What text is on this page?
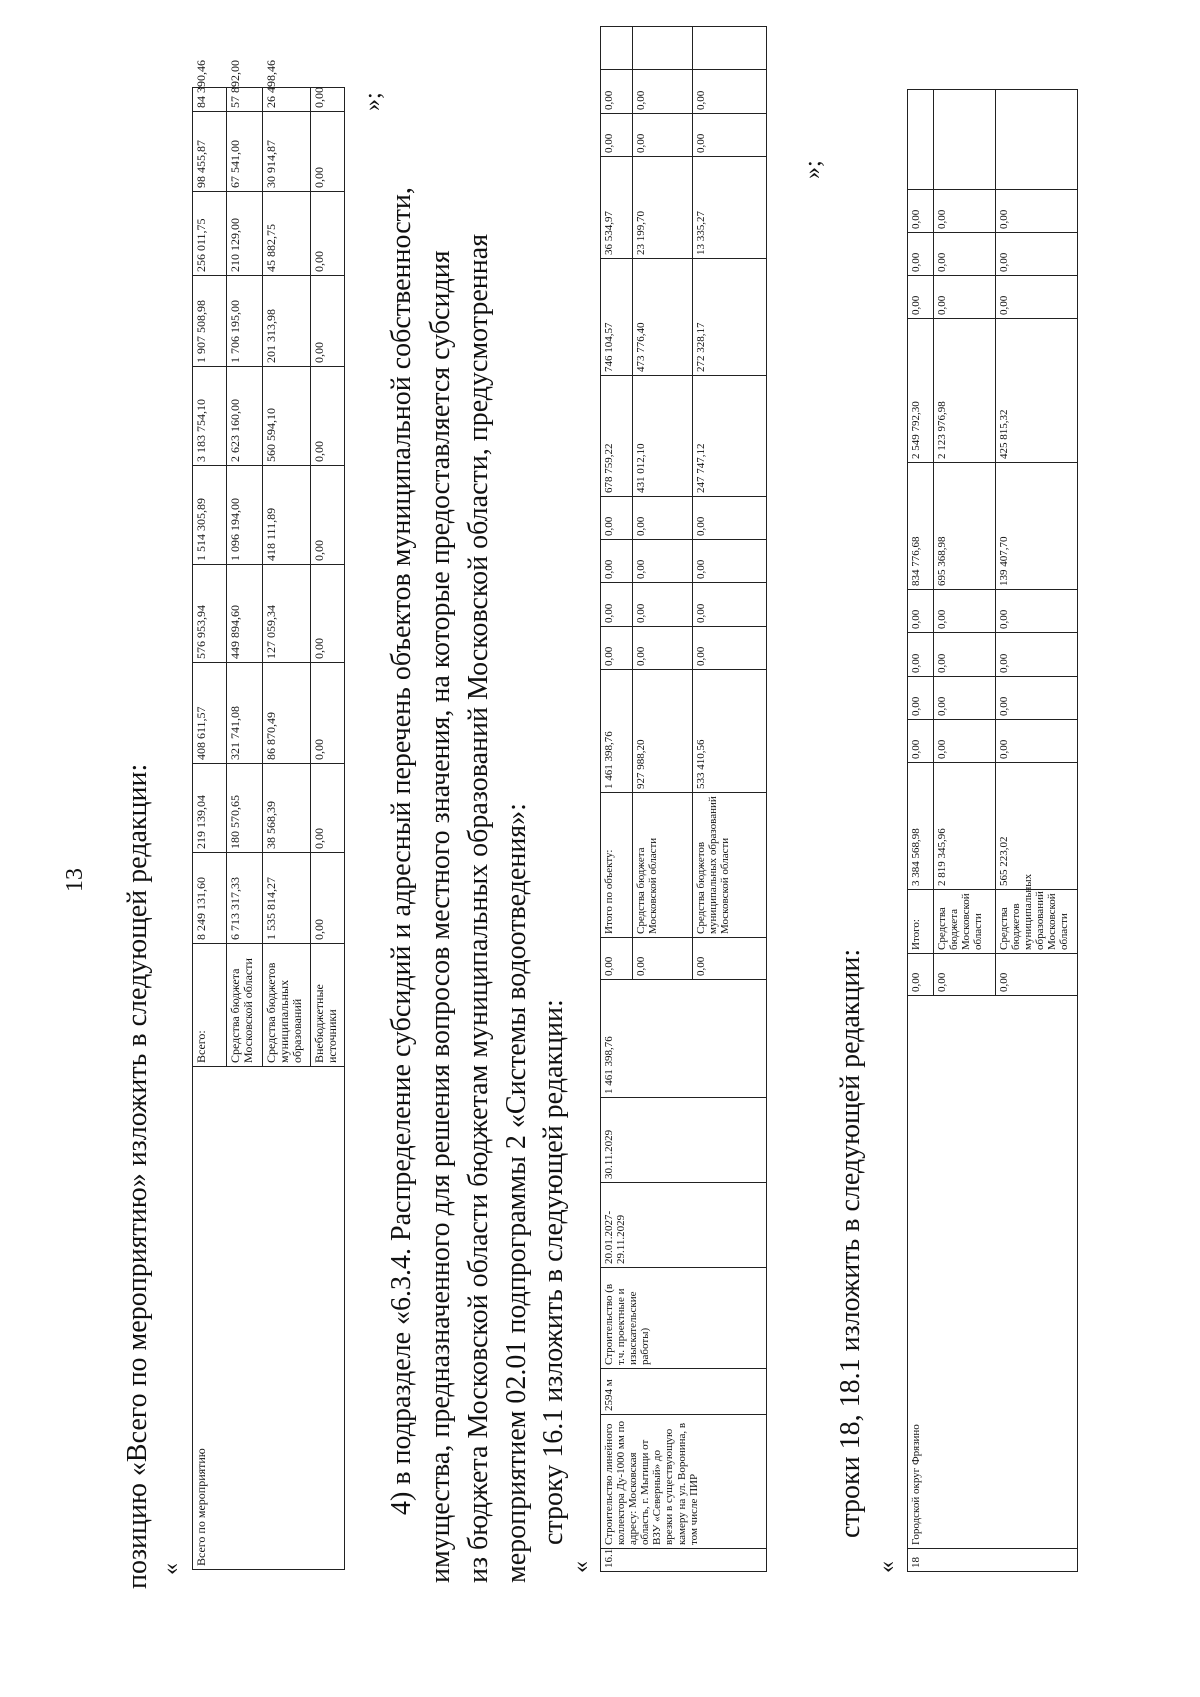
13 позицию «Всего по мероприятию» изложить в следующей редакции: «
Всего по мероприятию	Всего:	8 249 131,60	219 139,04	408 611,57	576 953,94	1 514 305,89	3 183 754,10	1 907 508,98	256 011,75	98 455,87	84 390,46	
	Средства бюджета Московской области	6 713 317,33	180 570,65	321 741,08	449 894,60	1 096 194,00	2 623 160,00	1 706 195,00	210 129,00	67 541,00	57 892,00	
	Средства бюджетов муниципальных образований	1 535 814,27	38 568,39	86 870,49	127 059,34	418 111,89	560 594,10	201 313,98	45 882,75	30 914,87	26 498,46	
	Внебюджетные источники	0,00	0,00	0,00	0,00	0,00	0,00	0,00	0,00	0,00	0,00	»;
4) в подразделе «6.3.4. Распределение субсидий и адресный перечень объектов муниципальной собственности, имущества, предназначенного для решения вопросов местного значения, на которые предоставляется субсидия из бюджета Московской области бюджетам муниципальных образований Московской области, предусмотренная мероприятием 02.01 подпрограммы 2 «Системы водоотведения»: строку 16.1 изложить в следующей редакции:
« 16.1	Строительство линейного коллектора Ду-1000 мм по адресу: Московская область, г. Мытищи от ВЗУ «Северный» до врезки в существующую камеру на ул. Воронина, в том числе ПИР	2594 м	Строительство (в т.ч. проектные и изыскательские работы)	20.01.2027-29.11.2029	30.11.2029	1 461 398,76	0,00	Итого по объекту:	1 461 398,76	0,00	0,00	0,00	0,00	678 759,22	746 104,57	36 534,97	0,00	0,00	
							0,00	Средства бюджета Московской области	927 988,20	0,00	0,00	0,00	0,00	431 012,10	473 776,40	23 199,70	0,00	0,00	
							0,00	Средства бюджетов муниципальных образований Московской области	533 410,56	0,00	0,00	0,00	0,00	247 747,12	272 328,17	13 335,27	0,00	0,00	
»;
строки 18, 18.1 изложить в следующей редакции:
« 18	Городской округ Фрязино	0,00	Итого:	3 384 568,98	0,00	0,00	0,00	0,00	834 776,68	2 549 792,30	0,00	0,00	0,00	
		0,00	Средства бюджета Московской области	2 819 345,96	0,00	0,00	0,00	0,00	695 368,98	2 123 976,98	0,00	0,00	0,00	
		0,00	Средства бюджетов муниципальных образований Московской области	565 223,02	0,00	0,00	0,00	0,00	139 407,70	425 815,32	0,00	0,00	0,00	
